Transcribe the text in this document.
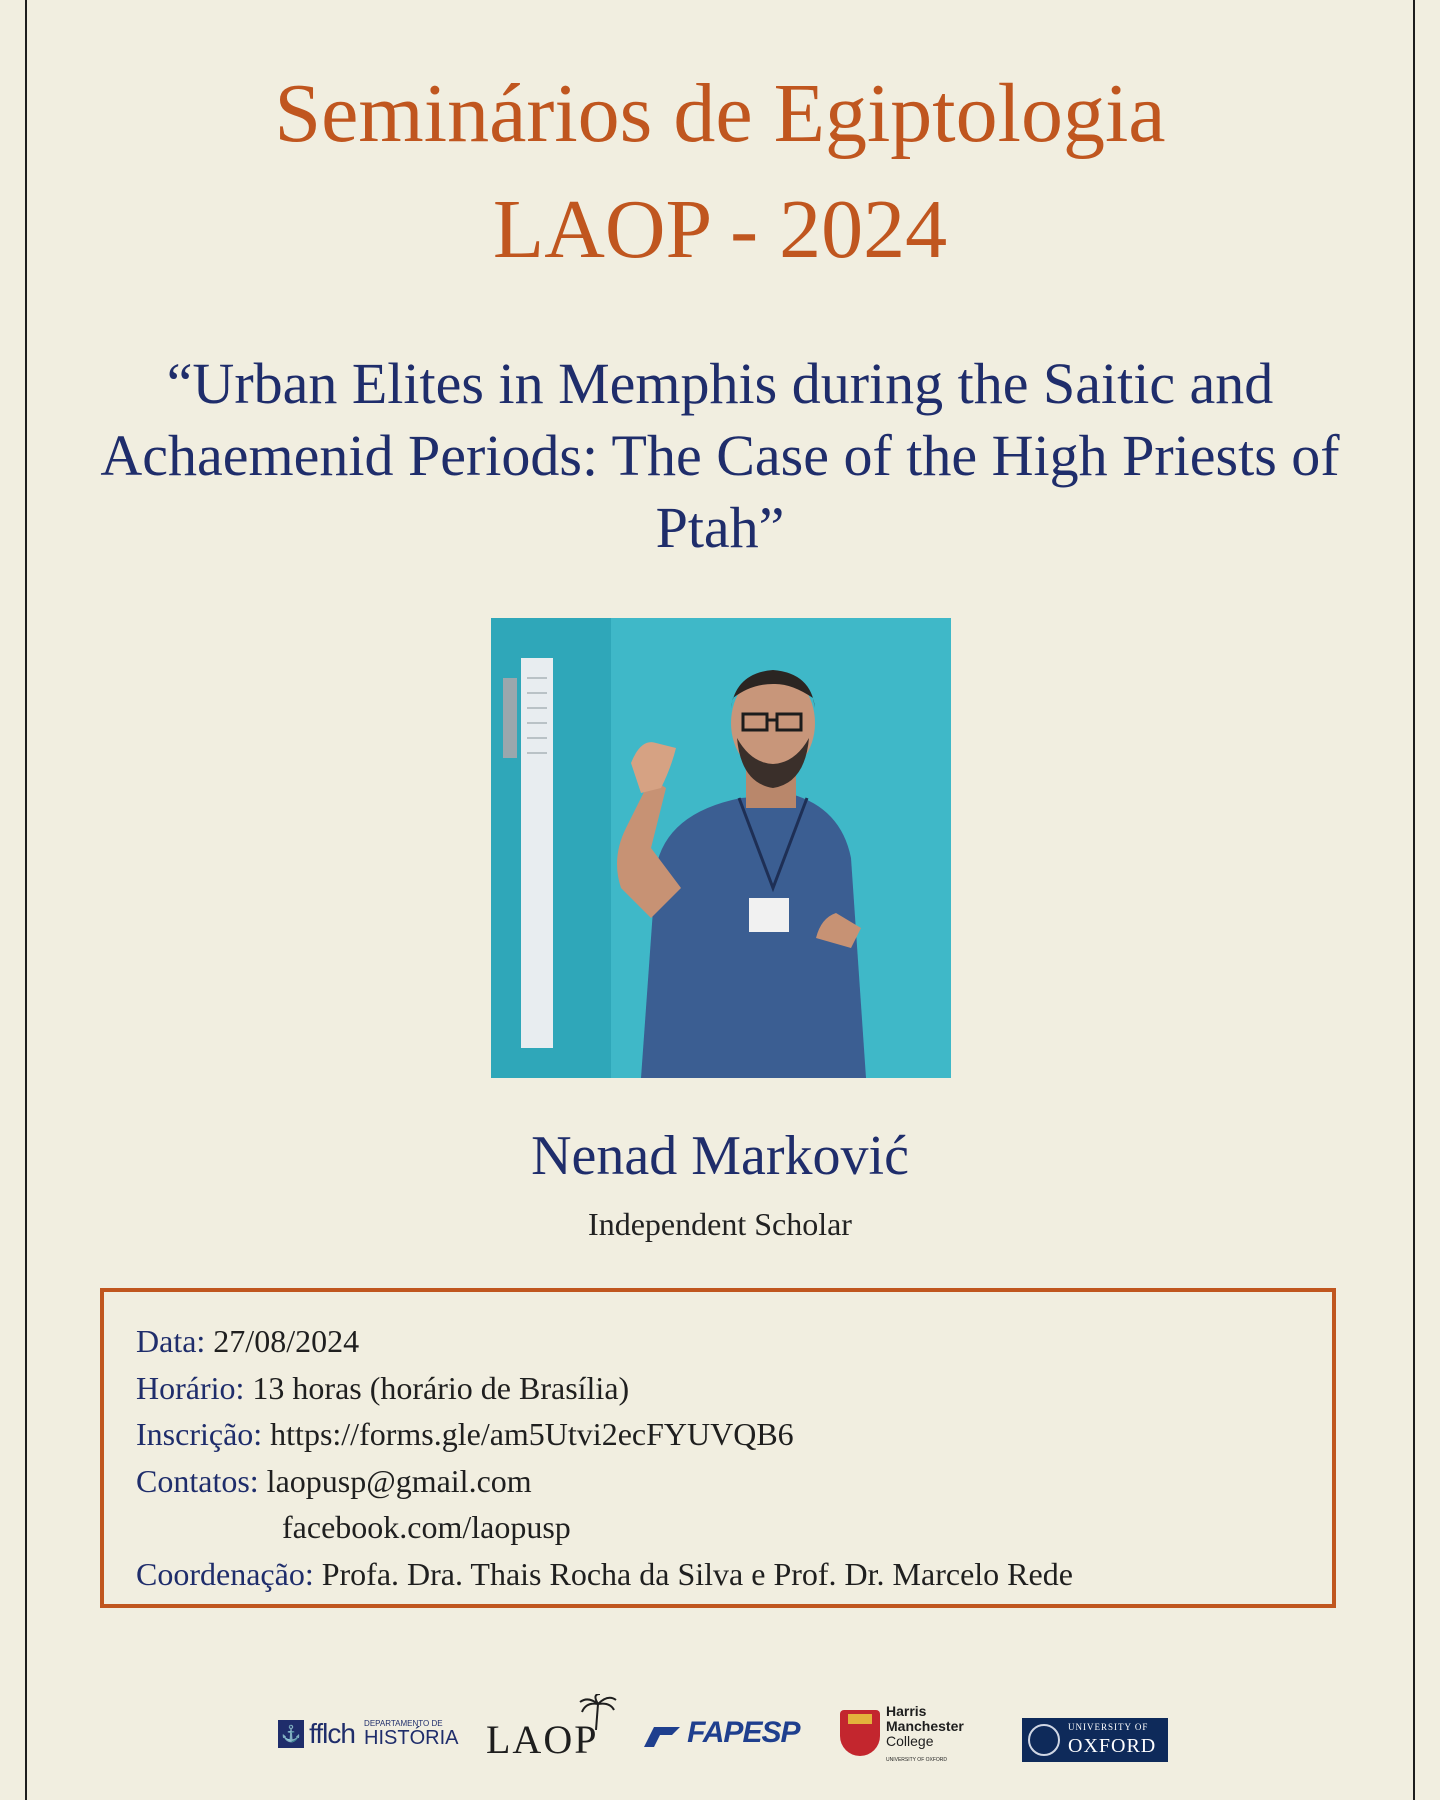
Seminários de Egiptologia
LAOP - 2024
“Urban Elites in Memphis during the Saitic and Achaemenid Periods: The Case of the High Priests of Ptah”
Nenad Marković
Independent Scholar
Data: 27/08/2024
Horário: 13 horas (horário de Brasília)
Inscrição: https://forms.gle/am5Utvi2ecFYUVQB6
Contatos: laopusp@gmail.com
facebook.com/laopusp
Coordenação: Profa. Dra. Thais Rocha da Silva e Prof. Dr. Marcelo Rede
⚓ fflch DEPARTAMENTO DE
HISTÓRIA LAOP	FAPESP
Harris
Manchester
College
UNIVERSITY OF OXFORD
UNIVERSITY OF
OXFORD
